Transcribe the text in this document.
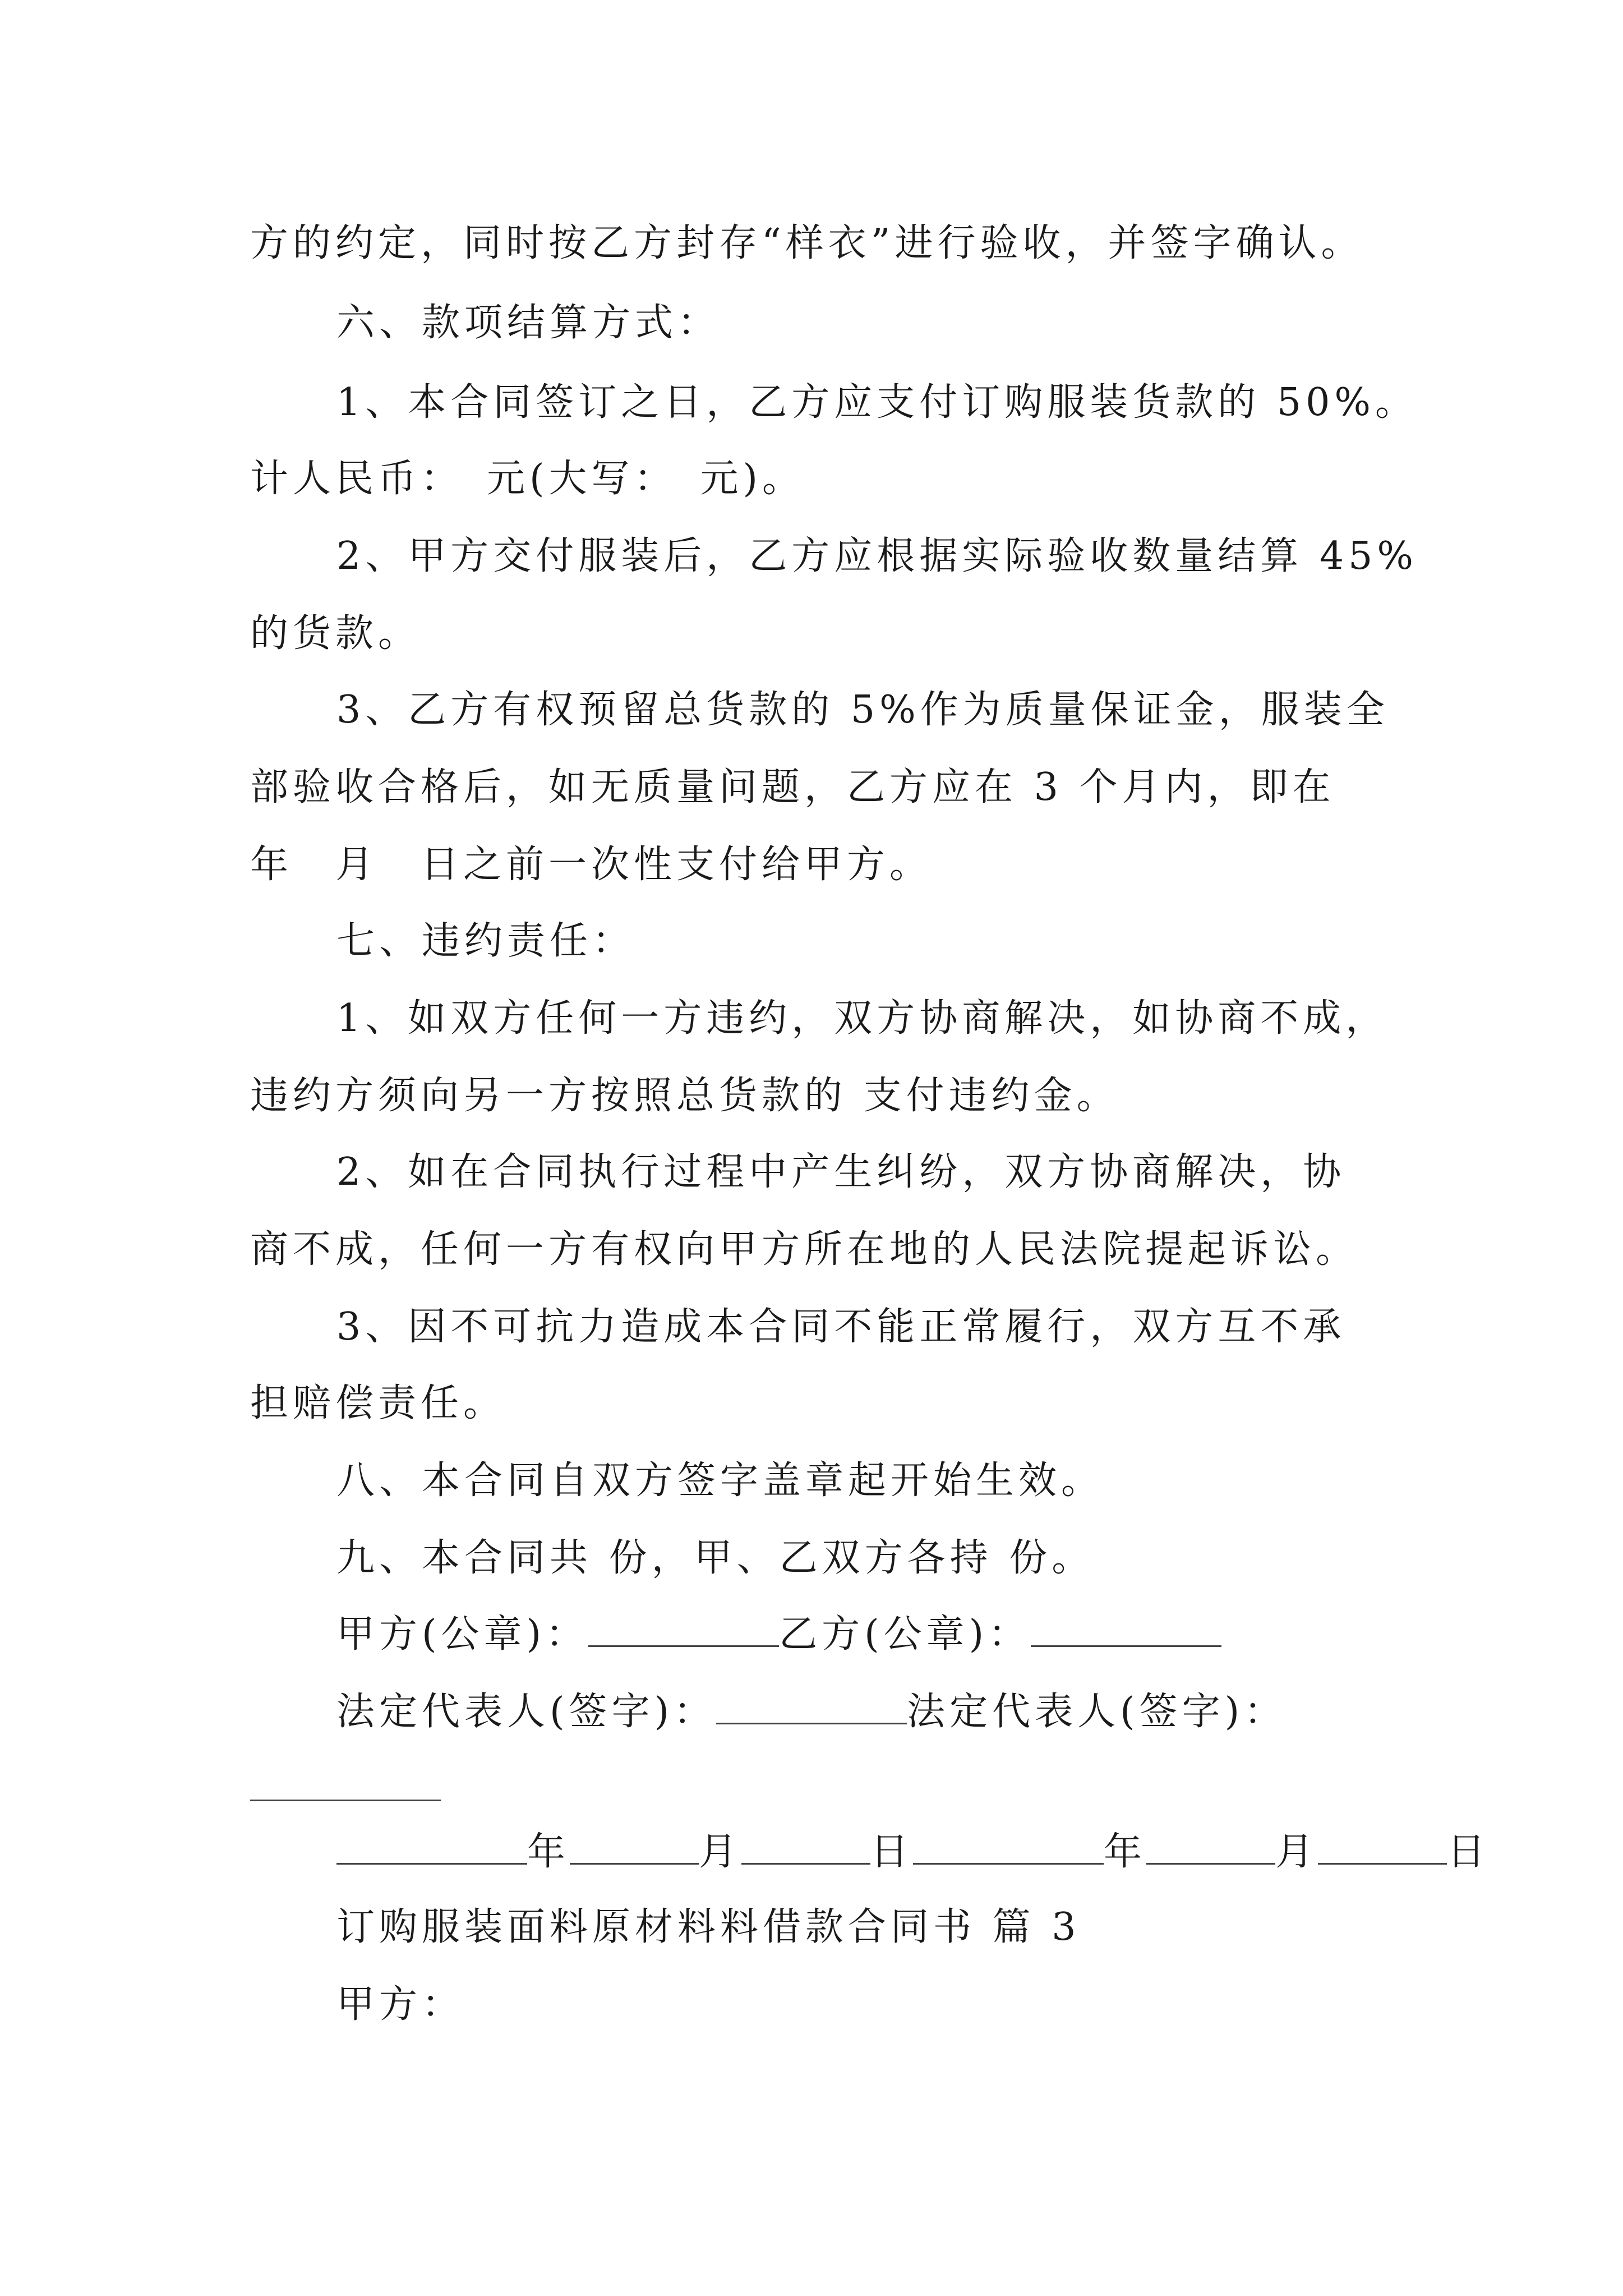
方的约定，同时按乙方封存“样衣”进行验收，并签字确认。
六、款项结算方式：
1、本合同签订之日，乙方应支付订购服装货款的 50%。
计人民币：　元(大写：　元)。
2、甲方交付服装后，乙方应根据实际验收数量结算 45%
的货款。
3、乙方有权预留总货款的 5%作为质量保证金，服装全
部验收合格后，如无质量问题，乙方应在 3 个月内，即在
年　月　日之前一次性支付给甲方。
七、违约责任：
1、如双方任何一方违约，双方协商解决，如协商不成，
违约方须向另一方按照总货款的 支付违约金。
2、如在合同执行过程中产生纠纷，双方协商解决，协
商不成，任何一方有权向甲方所在地的人民法院提起诉讼。
3、因不可抗力造成本合同不能正常履行，双方互不承
担赔偿责任。
八、本合同自双方签字盖章起开始生效。
九、本合同共 份，甲、乙双方各持 份。
甲方(公章)：	乙方(公章)：
法定代表人(签字)：	法定代表人(签字)：
年	月	日	年	月	日
订购服装面料原材料料借款合同书 篇 3
甲方：
